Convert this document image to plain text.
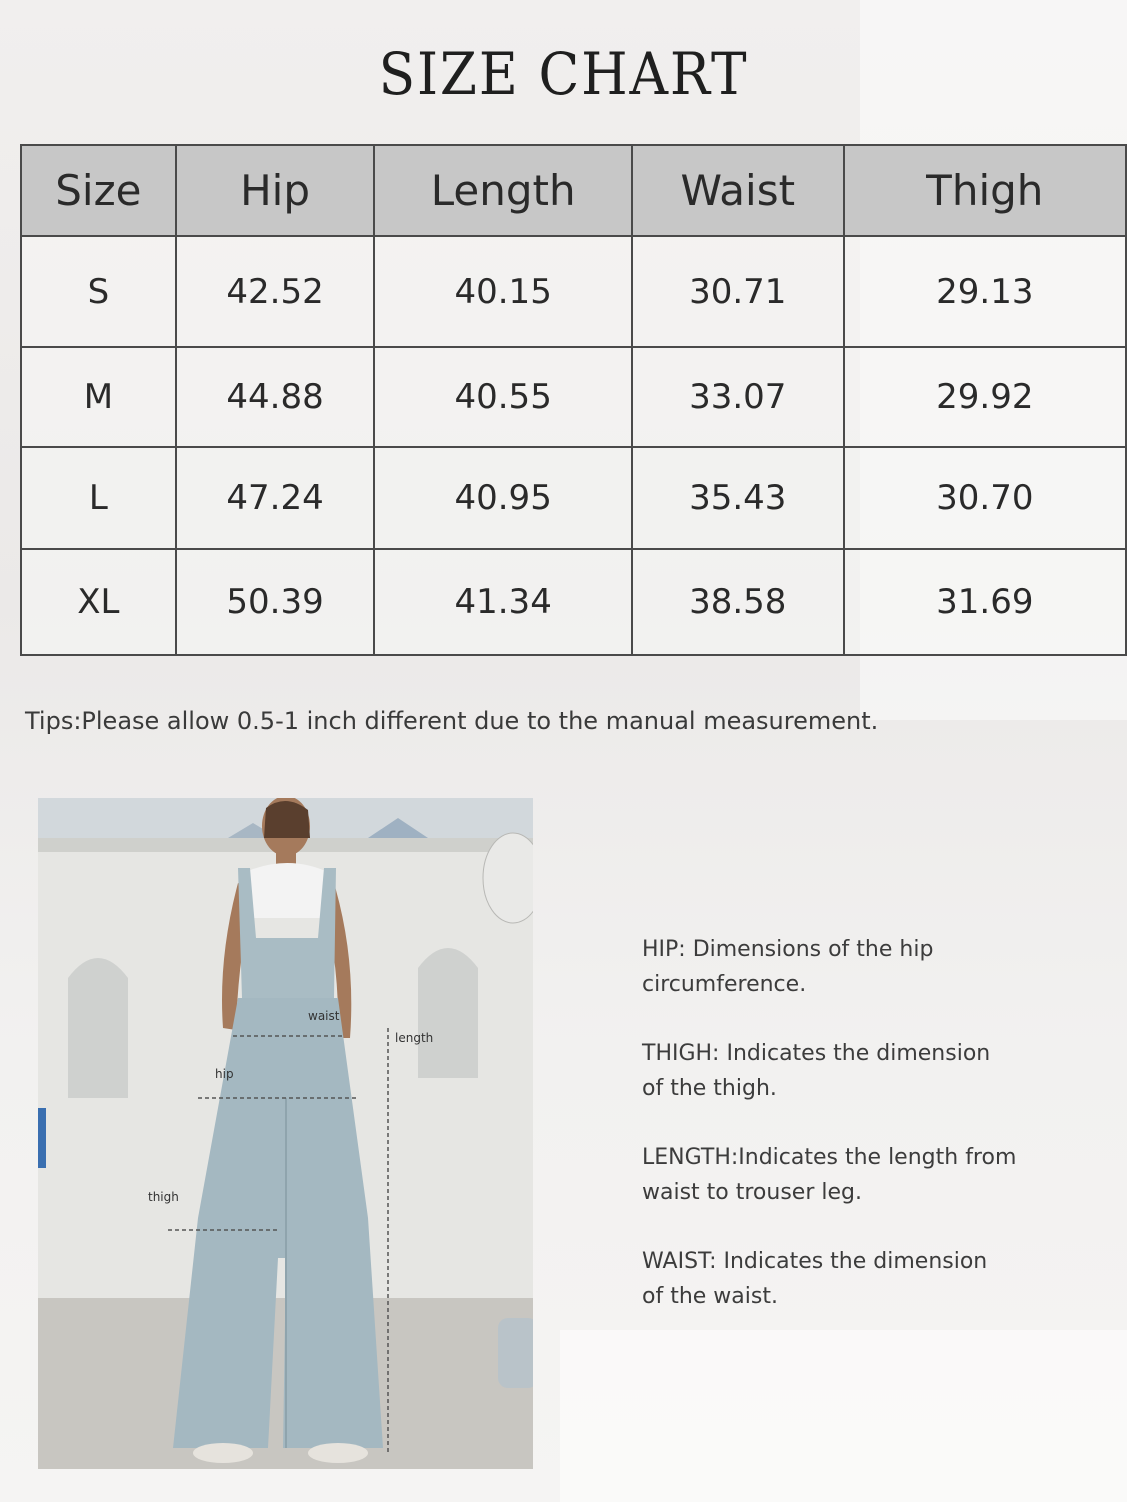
SIZE CHART
Size	Hip	Length	Waist	Thigh
S	42.52	40.15	30.71	29.13
M	44.88	40.55	33.07	29.92
L	47.24	40.95	35.43	30.70
XL	50.39	41.34	38.58	31.69
Tips:Please allow 0.5-1 inch different due to the manual measurement.
waist
hip
length
thigh
HIP: Dimensions of the hip
circumference.
THIGH: Indicates the dimension
of the thigh.
LENGTH:Indicates the length from
waist to trouser leg.
WAIST: Indicates the dimension
of the waist.
